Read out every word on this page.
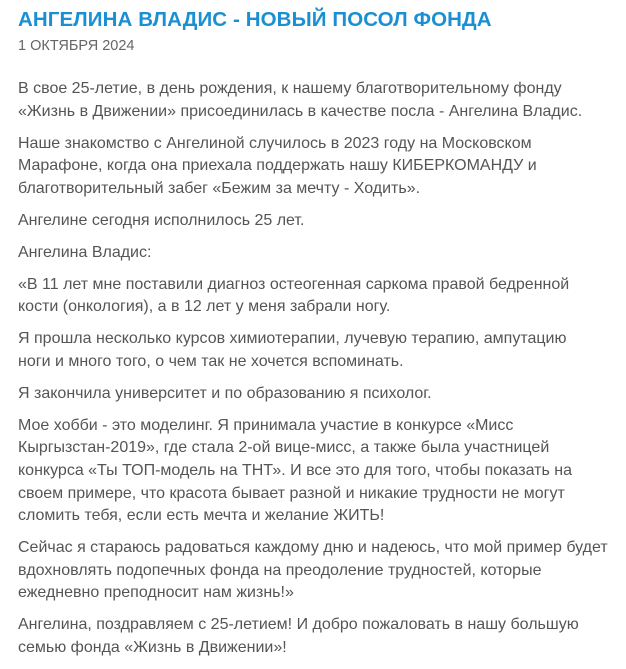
АНГЕЛИНА ВЛАДИС - НОВЫЙ ПОСОЛ ФОНДА
1 ОКТЯБРЯ 2024

В свое 25-летие, в день рождения, к нашему благотворительному фонду
«Жизнь в Движении» присоединилась в качестве посла - Ангелина Владис.

Наше знакомство с Ангелиной случилось в 2023 году на Московском
Марафоне, когда она приехала поддержать нашу КИБЕРКОМАНДУ и
благотворительный забег «Бежим за мечту - Ходить».

Ангелине сегодня исполнилось 25 лет.

Ангелина Владис:

«В 11 лет мне поставили диагноз остеогенная саркома правой бедренной
кости (онкология), а в 12 лет у меня забрали ногу.

Я прошла несколько курсов химиотерапии, лучевую терапию, ампутацию
ноги и много того, о чем так не хочется вспоминать.

Я закончила университет и по образованию я психолог.

Мое хобби - это моделинг. Я принимала участие в конкурсе «Мисс
Кыргызстан-2019», где стала 2-ой вице-мисс, а также была участницей
конкурса «Ты ТОП-модель на ТНТ». И все это для того, чтобы показать на
своем примере, что красота бывает разной и никакие трудности не могут
сломить тебя, если есть мечта и желание ЖИТЬ!

Сейчас я стараюсь радоваться каждому дню и надеюсь, что мой пример будет
вдохновлять подопечных фонда на преодоление трудностей, которые
ежедневно преподносит нам жизнь!»

Ангелина, поздравляем с 25-летием! И добро пожаловать в нашу большую
семью фонда «Жизнь в Движении»!
